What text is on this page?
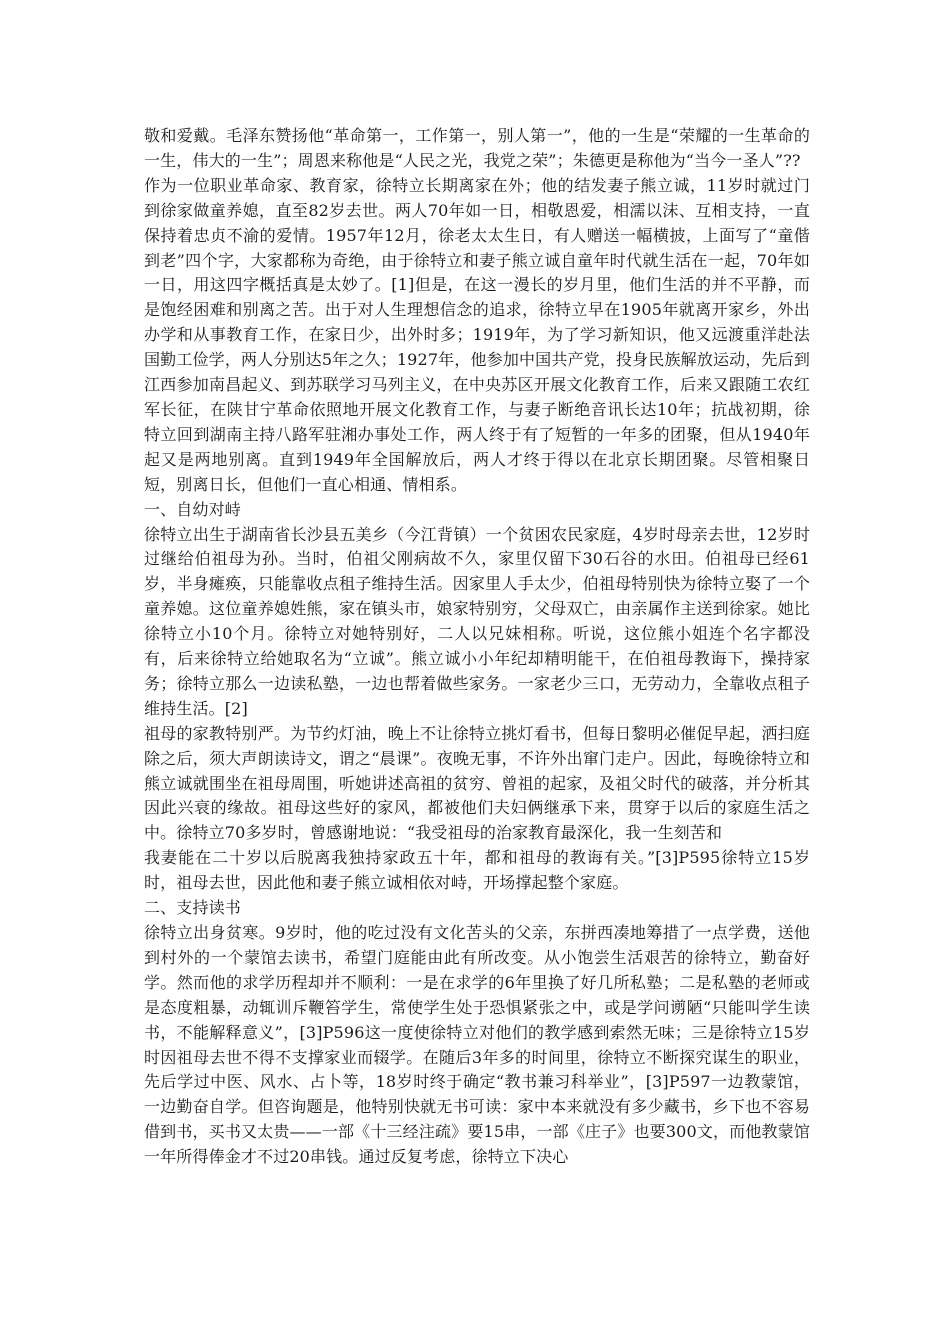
敬和爱戴。毛泽东赞扬他“革命第一，工作第一，别人第一”，他的一生是“荣耀的一生革命的一生，伟大的一生”；周恩来称他是“人民之光，我党之荣”；朱德更是称他为“当今一圣人”??

作为一位职业革命家、教育家，徐特立长期离家在外；他的结发妻子熊立诚，11岁时就过门到徐家做童养媳，直至82岁去世。两人70年如一日，相敬恩爱，相濡以沫、互相支持，一直保持着忠贞不渝的爱情。1957年12月，徐老太太生日，有人赠送一幅横披，上面写了“童偕到老”四个字，大家都称为奇绝，由于徐特立和妻子熊立诚自童年时代就生活在一起，70年如一日，用这四字概括真是太妙了。[1]但是，在这一漫长的岁月里，他们生活的并不平静，而是饱经困难和别离之苦。出于对人生理想信念的追求，徐特立早在1905年就离开家乡，外出办学和从事教育工作，在家日少，出外时多；1919年，为了学习新知识，他又远渡重洋赴法国勤工俭学，两人分别达5年之久；1927年，他参加中国共产党，投身民族解放运动，先后到江西参加南昌起义、到苏联学习马列主义，在中央苏区开展文化教育工作，后来又跟随工农红军长征，在陕甘宁革命依照地开展文化教育工作，与妻子断绝音讯长达10年；抗战初期，徐特立回到湖南主持八路军驻湘办事处工作，两人终于有了短暂的一年多的团聚，但从1940年起又是两地别离。直到1949年全国解放后，两人才终于得以在北京长期团聚。尽管相聚日短，别离日长，但他们一直心相通、情相系。

一、自幼对峙

徐特立出生于湖南省长沙县五美乡（今江背镇）一个贫困农民家庭，4岁时母亲去世，12岁时过继给伯祖母为孙。当时，伯祖父刚病故不久，家里仅留下30石谷的水田。伯祖母已经61岁，半身瘫痪，只能靠收点租子维持生活。因家里人手太少，伯祖母特别快为徐特立娶了一个童养媳。这位童养媳姓熊，家在镇头市，娘家特别穷，父母双亡，由亲属作主送到徐家。她比徐特立小10个月。徐特立对她特别好，二人以兄妹相称。听说，这位熊小姐连个名字都没有，后来徐特立给她取名为“立诚”。熊立诚小小年纪却精明能干，在伯祖母教诲下，操持家务；徐特立那么一边读私塾，一边也帮着做些家务。一家老少三口，无劳动力，全靠收点租子维持生活。[2]

祖母的家教特别严。为节约灯油，晚上不让徐特立挑灯看书，但每日黎明必催促早起，洒扫庭除之后，须大声朗读诗文，谓之“晨课”。夜晚无事，不许外出窜门走户。因此，每晚徐特立和熊立诚就围坐在祖母周围，听她讲述高祖的贫穷、曾祖的起家，及祖父时代的破落，并分析其因此兴衰的缘故。祖母这些好的家风，都被他们夫妇俩继承下来，贯穿于以后的家庭生活之中。徐特立70多岁时，曾感谢地说：“我受祖母的治家教育最深化，我一生刻苦和

我妻能在二十岁以后脱离我独持家政五十年，都和祖母的教诲有关。”[3]P595徐特立15岁时，祖母去世，因此他和妻子熊立诚相依对峙，开场撑起整个家庭。

二、支持读书

徐特立出身贫寒。9岁时，他的吃过没有文化苦头的父亲，东拼西凑地筹措了一点学费，送他到村外的一个蒙馆去读书，希望门庭能由此有所改变。从小饱尝生活艰苦的徐特立，勤奋好学。然而他的求学历程却并不顺利：一是在求学的6年里换了好几所私塾；二是私塾的老师或是态度粗暴，动辄训斥鞭笞学生，常使学生处于恐惧紧张之中，或是学问谫陋“只能叫学生读书，不能解释意义”，[3]P596这一度使徐特立对他们的教学感到索然无味；三是徐特立15岁时因祖母去世不得不支撑家业而辍学。在随后3年多的时间里，徐特立不断探究谋生的职业，先后学过中医、风水、占卜等，18岁时终于确定“教书兼习科举业”，[3]P597一边教蒙馆，一边勤奋自学。但咨询题是，他特别快就无书可读：家中本来就没有多少藏书，乡下也不容易借到书，买书又太贵——一部《十三经注疏》要15串，一部《庄子》也要300文，而他教蒙馆一年所得俸金才不过20串钱。通过反复考虑，徐特立下决心
